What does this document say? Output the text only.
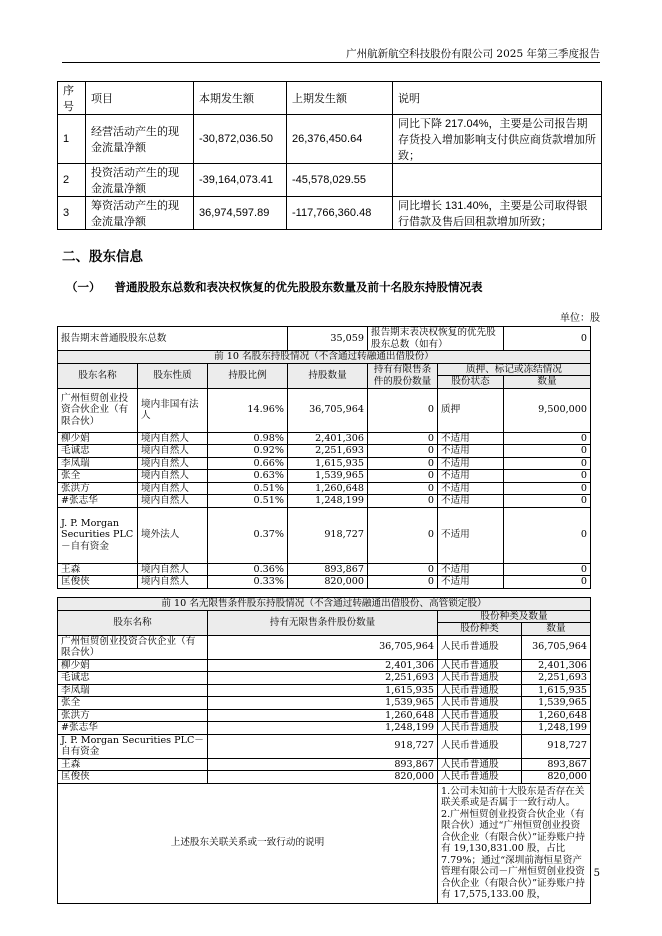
广州航新航空科技股份有限公司 2025 年第三季度报告
序号	项目	本期发生额	上期发生额	说明
1	经营活动产生的现金流量净额	-30,872,036.50	26,376,450.64	同比下降 217.04%，主要是公司报告期存货投入增加影响支付供应商货款增加所致；
2	投资活动产生的现金流量净额	-39,164,073.41	-45,578,029.55	
3	筹资活动产生的现金流量净额	36,974,597.89	-117,766,360.48	同比增长 131.40%，主要是公司取得银行借款及售后回租款增加所致；
二、股东信息
（一） 普通股股东总数和表决权恢复的优先股股东数量及前十名股东持股情况表
单位：股
报告期末普通股股东总数			35,059	报告期末表决权恢复的优先股股东总数（如有）		0
前 10 名股东持股情况（不含通过转融通出借股份）						
股东名称	股东性质	持股比例	持股数量	持有有限售条件的股份数量	质押、标记或冻结情况	
					股份状态	数量
广州恒贸创业投资合伙企业（有限合伙）	境内非国有法人	14.96%	36,705,964	0	质押	9,500,000
柳少娟	境内自然人	0.98%	2,401,306	0	不适用	0
毛诚忠	境内自然人	0.92%	2,251,693	0	不适用	0
李凤瑞	境内自然人	0.66%	1,615,935	0	不适用	0
张全	境内自然人	0.63%	1,539,965	0	不适用	0
张洪方	境内自然人	0.51%	1,260,648	0	不适用	0
#张志华	境内自然人	0.51%	1,248,199	0	不适用	0
J. P. Morgan Securities PLC－自有资金	境外法人	0.37%	918,727	0	不适用	0
王森	境内自然人	0.36%	893,867	0	不适用	0
匡俊侠	境内自然人	0.33%	820,000	0	不适用	0
前 10 名无限售条件股东持股情况（不含通过转融通出借股份、高管锁定股）			
股东名称	持有无限售条件股份数量	股份种类及数量	
		股份种类	数量
广州恒贸创业投资合伙企业（有限合伙）	36,705,964	人民币普通股	36,705,964
柳少娟	2,401,306	人民币普通股	2,401,306
毛诚忠	2,251,693	人民币普通股	2,251,693
李凤瑞	1,615,935	人民币普通股	1,615,935
张全	1,539,965	人民币普通股	1,539,965
张洪方	1,260,648	人民币普通股	1,260,648
#张志华	1,248,199	人民币普通股	1,248,199
J. P. Morgan Securities PLC－自有资金	918,727	人民币普通股	918,727
王森	893,867	人民币普通股	893,867
匡俊侠	820,000	人民币普通股	820,000
上述股东关联关系或一致行动的说明		1.公司未知前十大股东是否存在关联关系或是否属于一致行动人。
2.广州恒贸创业投资合伙企业（有限合伙）通过“广州恒贸创业投资合伙企业（有限合伙）”证券账户持有 19,130,831.00 股，占比 7.79%；通过“深圳前海恒星资产管理有限公司－广州恒贸创业投资合伙企业（有限合伙）”证券账户持有 17,575,133.00 股，	
5
